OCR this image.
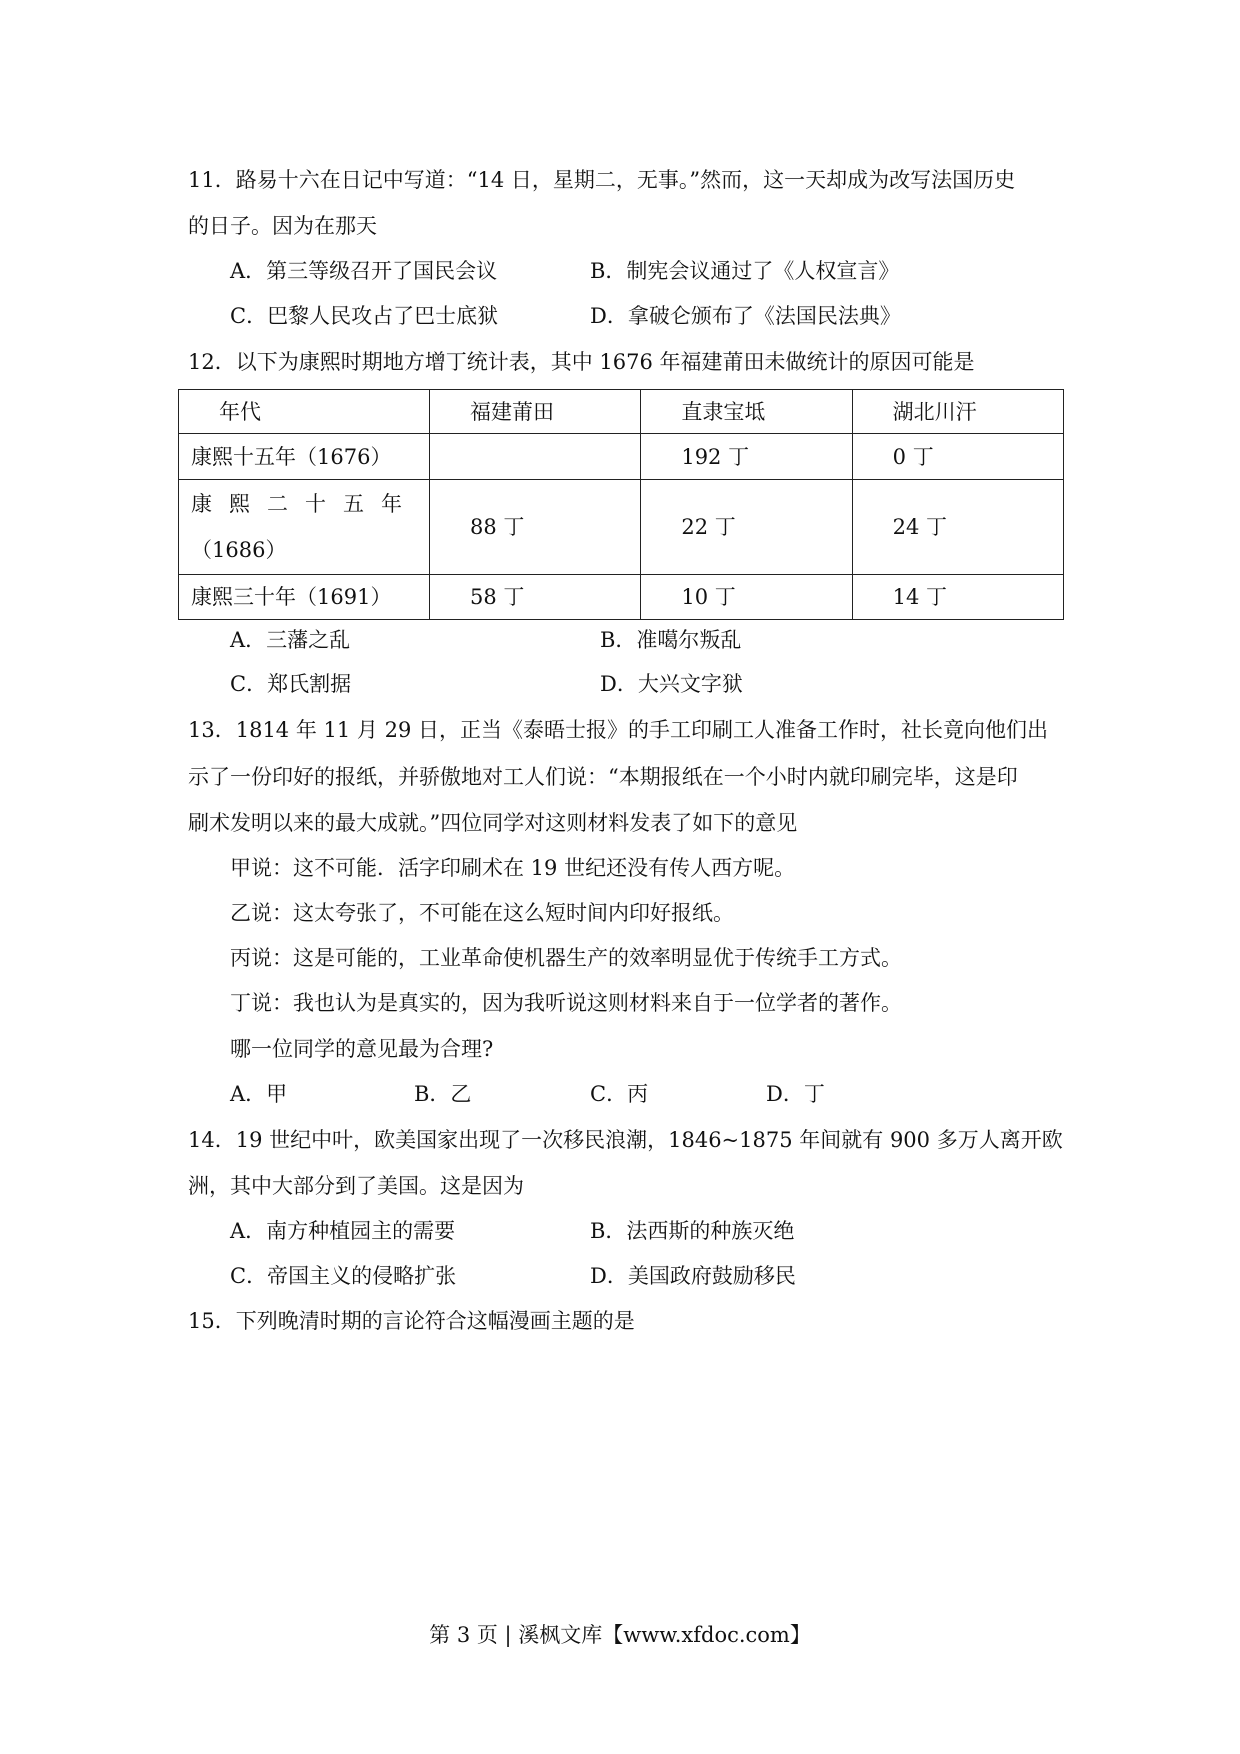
11．路易十六在日记中写道：“14 日，星期二，无事。”然而，这一天却成为改写法国历史
的日子。因为在那天
A．第三等级召开了国民会议	B．制宪会议通过了《人权宣言》
C．巴黎人民攻占了巴士底狱	D．拿破仑颁布了《法国民法典》
12．以下为康熙时期地方增丁统计表，其中 1676 年福建莆田未做统计的原因可能是
年代	福建莆田	直隶宝坻	湖北川汗
康熙十五年（1676）		192 丁	0 丁

康熙二十五年
（1686）	88 丁	22 丁	24 丁
康熙三十年（1691）	58 丁	10 丁	14 丁
A．三藩之乱	B．准噶尔叛乱
C．郑氏割据	D．大兴文字狱
13．1814 年 11 月 29 日，正当《泰晤士报》的手工印刷工人准备工作时，社长竟向他们出
示了一份印好的报纸，并骄傲地对工人们说：“本期报纸在一个小时内就印刷完毕，这是印
刷术发明以来的最大成就。”四位同学对这则材料发表了如下的意见
甲说：这不可能．活字印刷术在 19 世纪还没有传人西方呢。
乙说：这太夸张了，不可能在这么短时间内印好报纸。
丙说：这是可能的，工业革命使机器生产的效率明显优于传统手工方式。
丁说：我也认为是真实的，因为我听说这则材料来自于一位学者的著作。
哪一位同学的意见最为合理?
A．甲	B．乙	C．丙	D．丁
14．19 世纪中叶，欧美国家出现了一次移民浪潮，1846~1875 年间就有 900 多万人离开欧
洲，其中大部分到了美国。这是因为
A．南方种植园主的需要	B．法西斯的种族灭绝
C．帝国主义的侵略扩张	D．美国政府鼓励移民
15．下列晚清时期的言论符合这幅漫画主题的是
第 3 页 | 溪枫文库【www.xfdoc.com】
